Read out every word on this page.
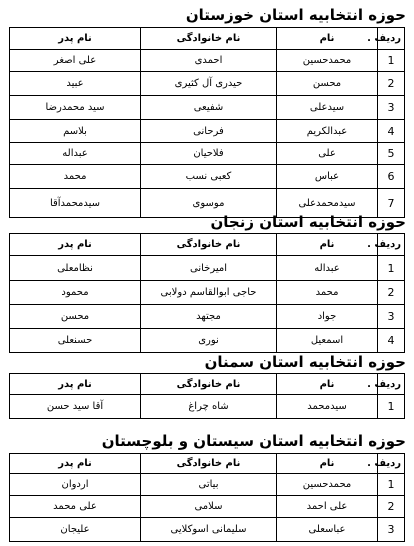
حوزه انتخابیه استان خوزستان
ردیف .	نام	نام خانوادگی	نام پدر
1	محمدحسین	احمدی	علی اصغر
2	محسن	حیدری آل کثیری	عبید
3	سیدعلی	شفیعی	سید محمدرضا
4	عبدالکریم	فرحانی	بلاسم
5	علی	فلاحیان	عبداله
6	عباس	کعبی نسب	محمد
7	سیدمحمدعلی	موسوی	سیدمحمدآقا
حوزه انتخابیه استان زنجان
ردیف .	نام	نام خانوادگی	نام پدر
1	عبداله	امیرخانی	نظامعلی
2	محمد	حاجی ابوالقاسم دولابی	محمود
3	جواد	مجتهد	محسن
4	اسمعیل	نوری	حسنعلی
حوزه انتخابیه استان سمنان
ردیف .	نام	نام خانوادگی	نام پدر
1	سیدمحمد	شاه چراغ	آقا سید حسن
حوزه انتخابیه استان سیستان و بلوچستان
ردیف .	نام	نام خانوادگی	نام پدر
1	محمدحسین	بیاتی	اردوان
2	علی احمد	سلامی	علی محمد
3	عباسعلی	سلیمانی اسوکلایی	علیجان
